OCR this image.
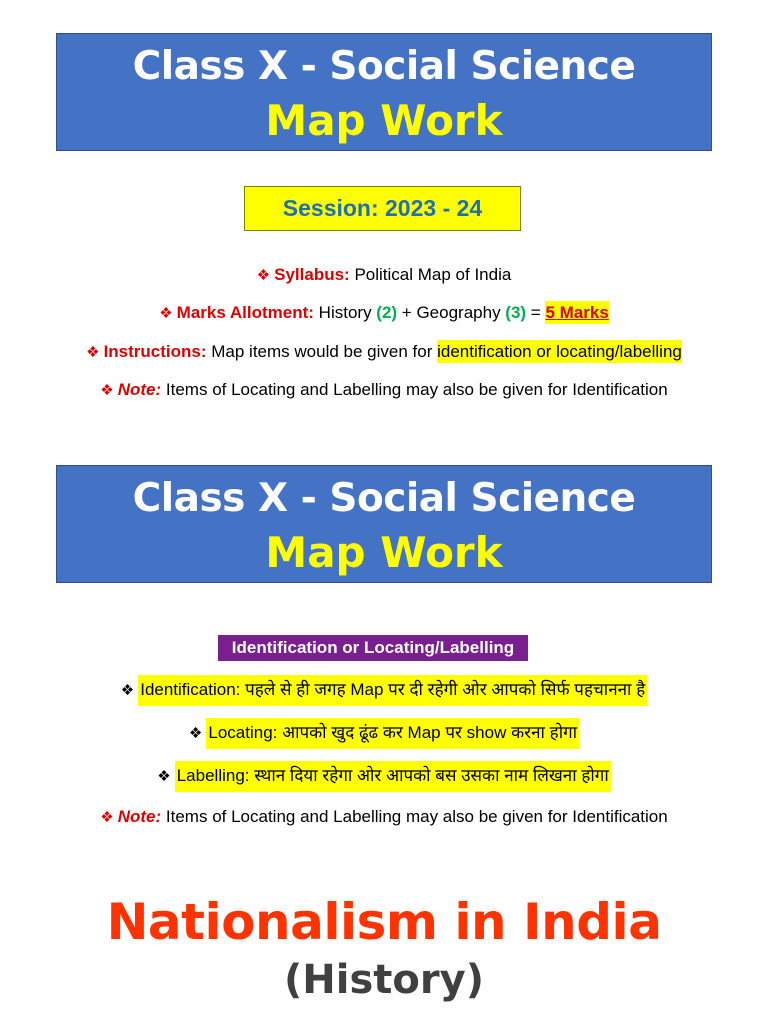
Class X - Social Science
Map Work
Session: 2023 - 24
❖ Syllabus: Political Map of India
❖ Marks Allotment: History (2) + Geography (3) = 5 Marks
❖ Instructions: Map items would be given for identification or locating/labelling
❖ Note: Items of Locating and Labelling may also be given for Identification
Class X - Social Science
Map Work
Identification or Locating/Labelling
❖ Identification: पहले से ही जगह Map पर दी रहेगी ओर आपको सिर्फ पहचानना है
❖ Locating: आपको खुद ढूंढ कर Map पर show करना होगा
❖ Labelling: स्थान दिया रहेगा ओर आपको बस उसका नाम लिखना होगा
❖ Note: Items of Locating and Labelling may also be given for Identification
Nationalism in India
(History)
